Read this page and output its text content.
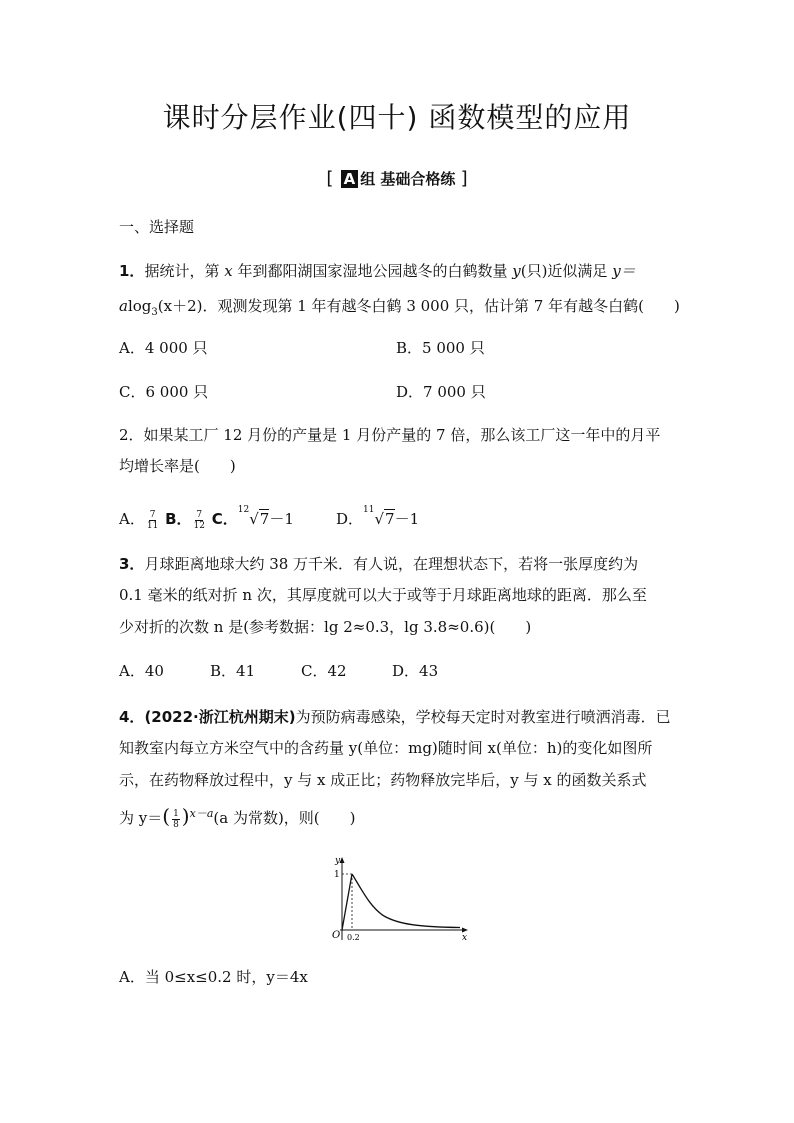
课时分层作业(四十) 函数模型的应用
[ A 组 基础合格练 ]
一、选择题
1．据统计，第 x 年到鄱阳湖国家湿地公园越冬的白鹤数量 y(只)近似满足 y＝
alog$_3$(x＋2)．观测发现第 1 年有越冬白鹤 3 000 只，估计第 7 年有越冬白鹤(　　)
A．4 000 只	B．5 000 只
C．6 000 只	D．7 000 只
2．如果某工厂 12 月份的产量是 1 月份产量的 7 倍，那么该工厂这一年中的月平
均增长率是(　　)
A． $\frac{7}{11}$ B． $\frac{7}{12}$ C．$^{12}$√7－1	D．$^{11}$√7－1
3．月球距离地球大约 38 万千米．有人说，在理想状态下，若将一张厚度约为
0.1 毫米的纸对折 n 次，其厚度就可以大于或等于月球距离地球的距离．那么至
少对折的次数 n 是(参考数据：lg 2≈0.3，lg 3.8≈0.6)(　　)
A．40	B．41	C．42	D．43
4．(2022·浙江杭州期末)为预防病毒感染，学校每天定时对教室进行喷洒消毒．已
知教室内每立方米空气中的含药量 y(单位：mg)随时间 x(单位：h)的变化如图所
示，在药物释放过程中，y 与 x 成正比；药物释放完毕后，y 与 x 的函数关系式
为 $y=( \frac{1}{8} )^{x-a}(a$ 为常数)，则(　　)
y
x
O
1
0.2
A．当 0≤x≤0.2 时，y＝4x
